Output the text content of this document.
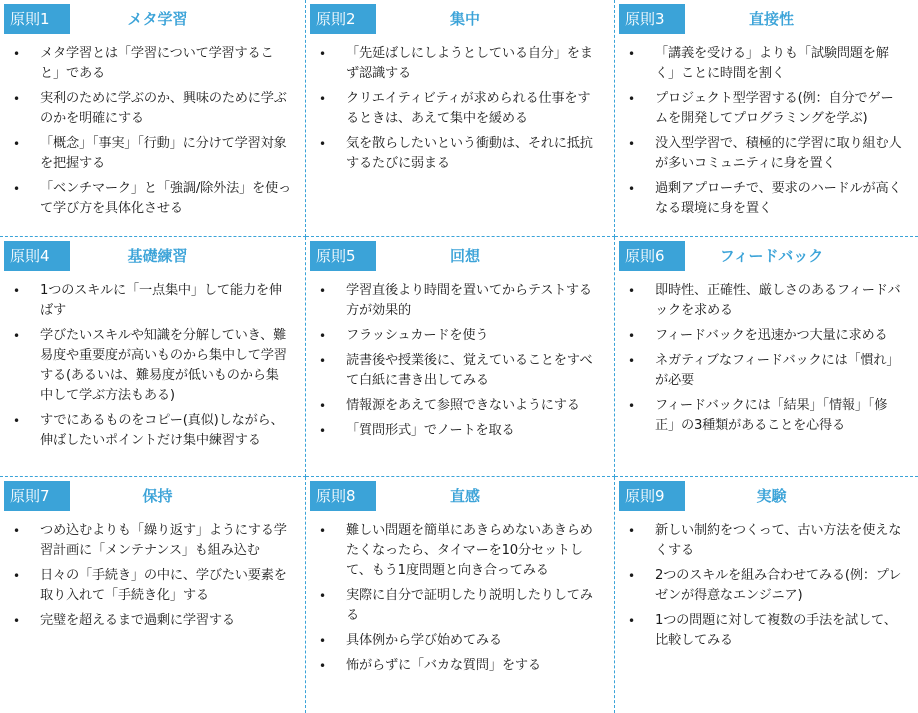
原則1	メタ学習
• メタ学習とは「学習について学習すること」である
• 実利のために学ぶのか、興味のために学ぶのかを明確にする
• 「概念」「事実」「行動」に分けて学習対象を把握する
• 「ベンチマーク」と「強調/除外法」を使って学び方を具体化させる
原則2	集中
• 「先延ばしにしようとしている自分」をまず認識する
• クリエイティビティが求められる仕事をするときは、あえて集中を緩める
• 気を散らしたいという衝動は、それに抵抗するたびに弱まる
原則3	直接性
• 「講義を受ける」よりも「試験問題を解く」ことに時間を割く
• プロジェクト型学習する(例：自分でゲームを開発してプログラミングを学ぶ)
• 没入型学習で、積極的に学習に取り組む人が多いコミュニティに身を置く
• 過剰アプローチで、要求のハードルが高くなる環境に身を置く
原則4	基礎練習
• 1つのスキルに「一点集中」して能力を伸ばす
• 学びたいスキルや知識を分解していき、難易度や重要度が高いものから集中して学習する(あるいは、難易度が低いものから集中して学ぶ方法もある)
• すでにあるものをコピー(真似)しながら、伸ばしたいポイントだけ集中練習する
原則5	回想
• 学習直後より時間を置いてからテストする方が効果的
• フラッシュカードを使う
• 読書後や授業後に、覚えていることをすべて白紙に書き出してみる
• 情報源をあえて参照できないようにする
• 「質問形式」でノートを取る
原則6	フィードバック
• 即時性、正確性、厳しさのあるフィードバックを求める
• フィードバックを迅速かつ大量に求める
• ネガティブなフィードバックには「慣れ」が必要
• フィードバックには「結果」「情報」「修正」の3種類があることを心得る
原則7	保持
• つめ込むよりも「繰り返す」ようにする学習計画に「メンテナンス」も組み込む
• 日々の「手続き」の中に、学びたい要素を取り入れて「手続き化」する
• 完璧を超えるまで過剰に学習する
原則8	直感
• 難しい問題を簡単にあきらめないあきらめたくなったら、タイマーを10分セットして、もう1度問題と向き合ってみる
• 実際に自分で証明したり説明したりしてみる
• 具体例から学び始めてみる
• 怖がらずに「バカな質問」をする
原則9	実験
• 新しい制約をつくって、古い方法を使えなくする
• 2つのスキルを組み合わせてみる(例：プレゼンが得意なエンジニア)
• 1つの問題に対して複数の手法を試して、比較してみる
